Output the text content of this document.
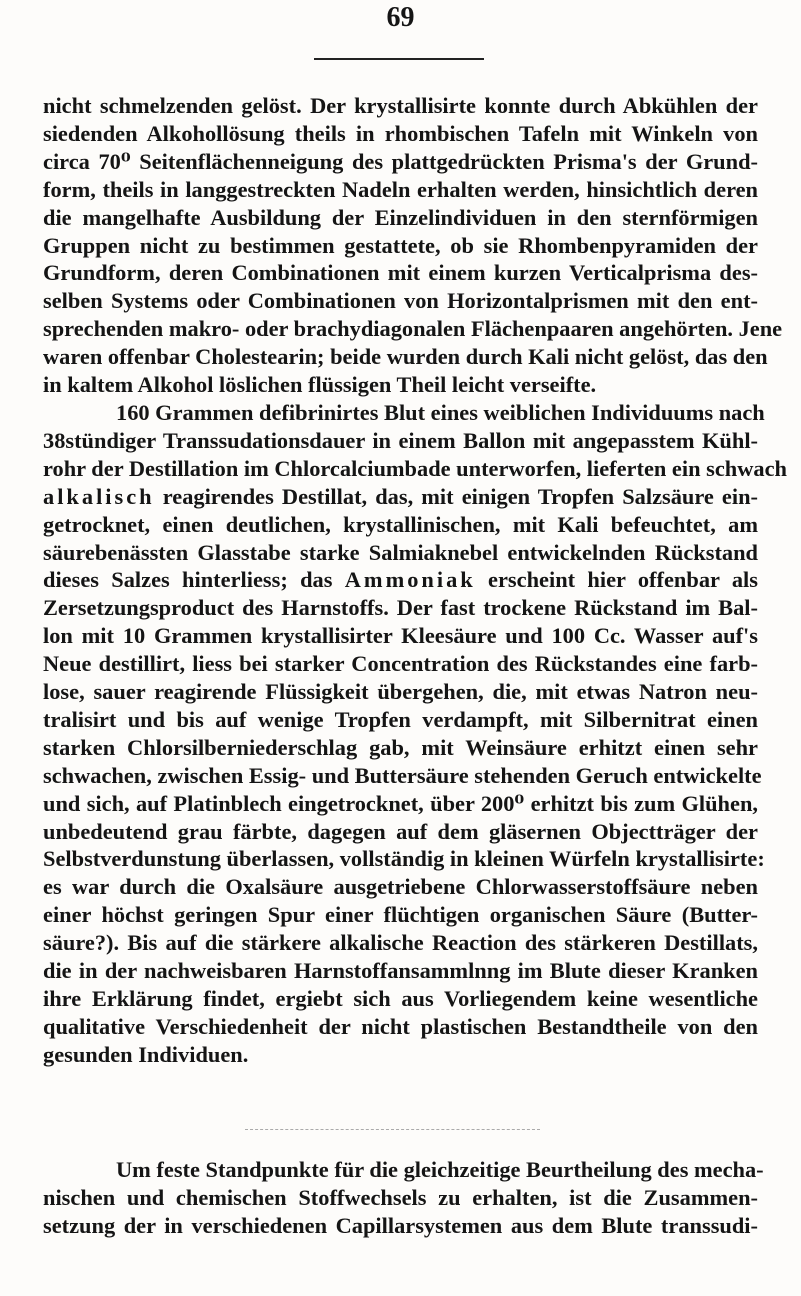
69

nicht schmelzenden gelöst. Der krystallisirte konnte durch Abkühlen der

siedenden Alkohollösung theils in rhombischen Tafeln mit Winkeln von

circa 70⁰ Seitenflächenneigung des plattgedrückten Prisma's der Grund-

form, theils in langgestreckten Nadeln erhalten werden, hinsichtlich deren

die mangelhafte Ausbildung der Einzelindividuen in den sternförmigen

Gruppen nicht zu bestimmen gestattete, ob sie Rhombenpyramiden der

Grundform, deren Combinationen mit einem kurzen Verticalprisma des-

selben Systems oder Combinationen von Horizontalprismen mit den ent-

sprechenden makro- oder brachydiagonalen Flächenpaaren angehörten. Jene

waren offenbar Cholestearin; beide wurden durch Kali nicht gelöst, das den

in kaltem Alkohol löslichen flüssigen Theil leicht verseifte.

160 Grammen defibrinirtes Blut eines weiblichen Individuums nach

38stündiger Transsudationsdauer in einem Ballon mit angepasstem Kühl-

rohr der Destillation im Chlorcalciumbade unterworfen, lieferten ein schwach

alkalisch reagirendes Destillat, das, mit einigen Tropfen Salzsäure ein-

getrocknet, einen deutlichen, krystallinischen, mit Kali befeuchtet, am

säurebenässten Glasstabe starke Salmiaknebel entwickelnden Rückstand

dieses Salzes hinterliess; das Ammoniak erscheint hier offenbar als

Zersetzungsproduct des Harnstoffs. Der fast trockene Rückstand im Bal-

lon mit 10 Grammen krystallisirter Kleesäure und 100 Cc. Wasser auf's

Neue destillirt, liess bei starker Concentration des Rückstandes eine farb-

lose, sauer reagirende Flüssigkeit übergehen, die, mit etwas Natron neu-

tralisirt und bis auf wenige Tropfen verdampft, mit Silbernitrat einen

starken Chlorsilberniederschlag gab, mit Weinsäure erhitzt einen sehr

schwachen, zwischen Essig- und Buttersäure stehenden Geruch entwickelte

und sich, auf Platinblech eingetrocknet, über 200⁰ erhitzt bis zum Glühen,

unbedeutend grau färbte, dagegen auf dem gläsernen Objectträger der

Selbstverdunstung überlassen, vollständig in kleinen Würfeln krystallisirte:

es war durch die Oxalsäure ausgetriebene Chlorwasserstoffsäure neben

einer höchst geringen Spur einer flüchtigen organischen Säure (Butter-

säure?). Bis auf die stärkere alkalische Reaction des stärkeren Destillats,

die in der nachweisbaren Harnstoffansammlnng im Blute dieser Kranken

ihre Erklärung findet, ergiebt sich aus Vorliegendem keine wesentliche

qualitative Verschiedenheit der nicht plastischen Bestandtheile von den

gesunden Individuen.

Um feste Standpunkte für die gleichzeitige Beurtheilung des mecha-

nischen und chemischen Stoffwechsels zu erhalten, ist die Zusammen-

setzung der in verschiedenen Capillarsystemen aus dem Blute transsudi-
